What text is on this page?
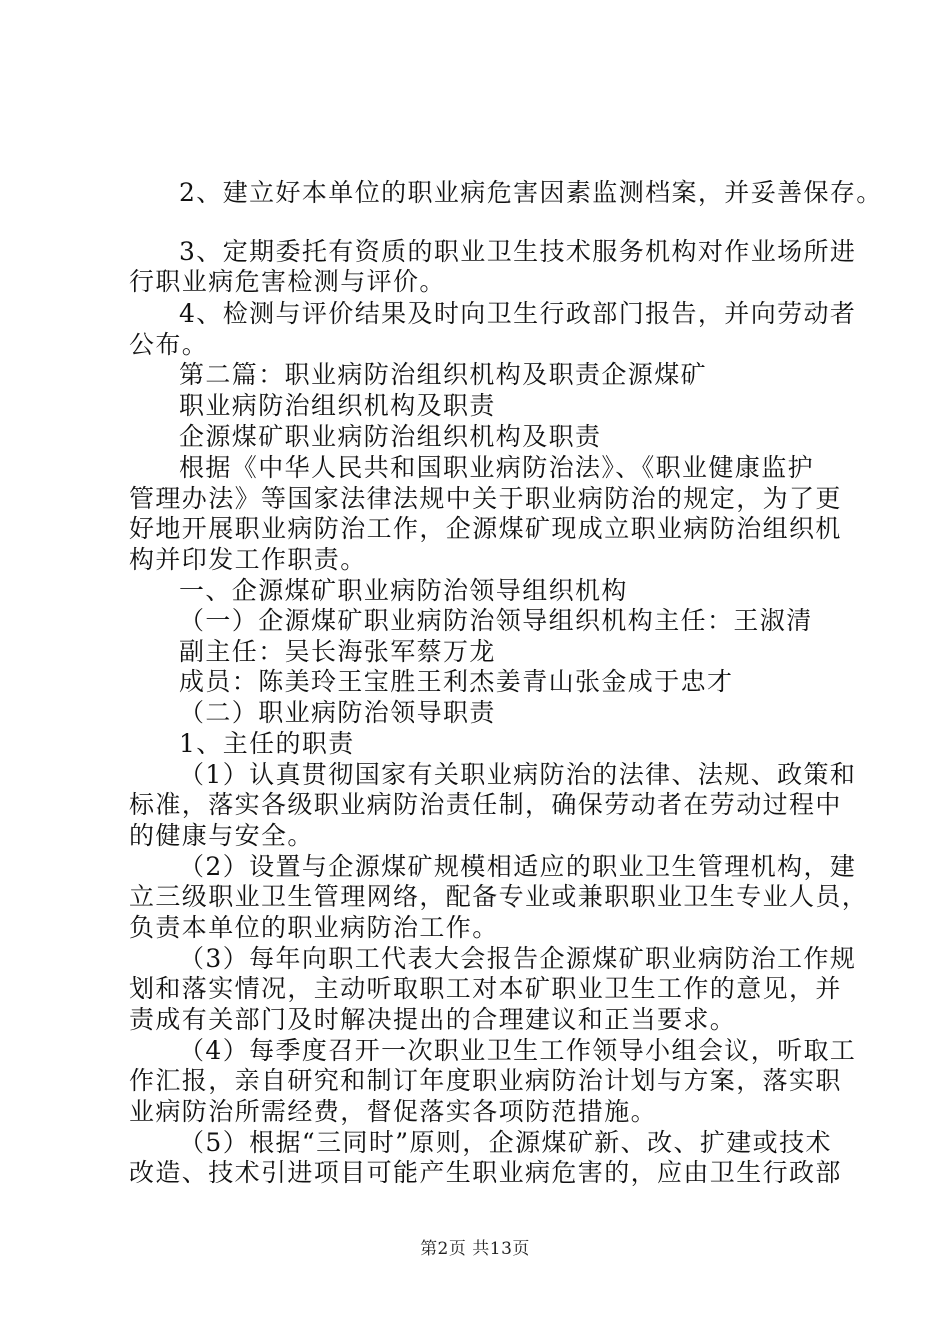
2、建立好本单位的职业病危害因素监测档案，并妥善保存。

3、定期委托有资质的职业卫生技术服务机构对作业场所进

行职业病危害检测与评价。

4、检测与评价结果及时向卫生行政部门报告，并向劳动者

公布。

第二篇：职业病防治组织机构及职责企源煤矿

职业病防治组织机构及职责

企源煤矿职业病防治组织机构及职责

根据《中华人民共和国职业病防治法》、《职业健康监护

管理办法》等国家法律法规中关于职业病防治的规定，为了更

好地开展职业病防治工作，企源煤矿现成立职业病防治组织机

构并印发工作职责。

一、企源煤矿职业病防治领导组织机构

（一）企源煤矿职业病防治领导组织机构主任：王淑清

副主任：吴长海张军蔡万龙

成员：陈美玲王宝胜王利杰姜青山张金成于忠才

（二）职业病防治领导职责

1、主任的职责

（1）认真贯彻国家有关职业病防治的法律、法规、政策和

标准，落实各级职业病防治责任制，确保劳动者在劳动过程中

的健康与安全。

（2）设置与企源煤矿规模相适应的职业卫生管理机构，建

立三级职业卫生管理网络，配备专业或兼职职业卫生专业人员，

负责本单位的职业病防治工作。

（3）每年向职工代表大会报告企源煤矿职业病防治工作规

划和落实情况，主动听取职工对本矿职业卫生工作的意见，并

责成有关部门及时解决提出的合理建议和正当要求。

（4）每季度召开一次职业卫生工作领导小组会议，听取工

作汇报，亲自研究和制订年度职业病防治计划与方案，落实职

业病防治所需经费，督促落实各项防范措施。

（5）根据“三同时”原则，企源煤矿新、改、扩建或技术

改造、技术引进项目可能产生职业病危害的，应由卫生行政部

第2页 共13页
